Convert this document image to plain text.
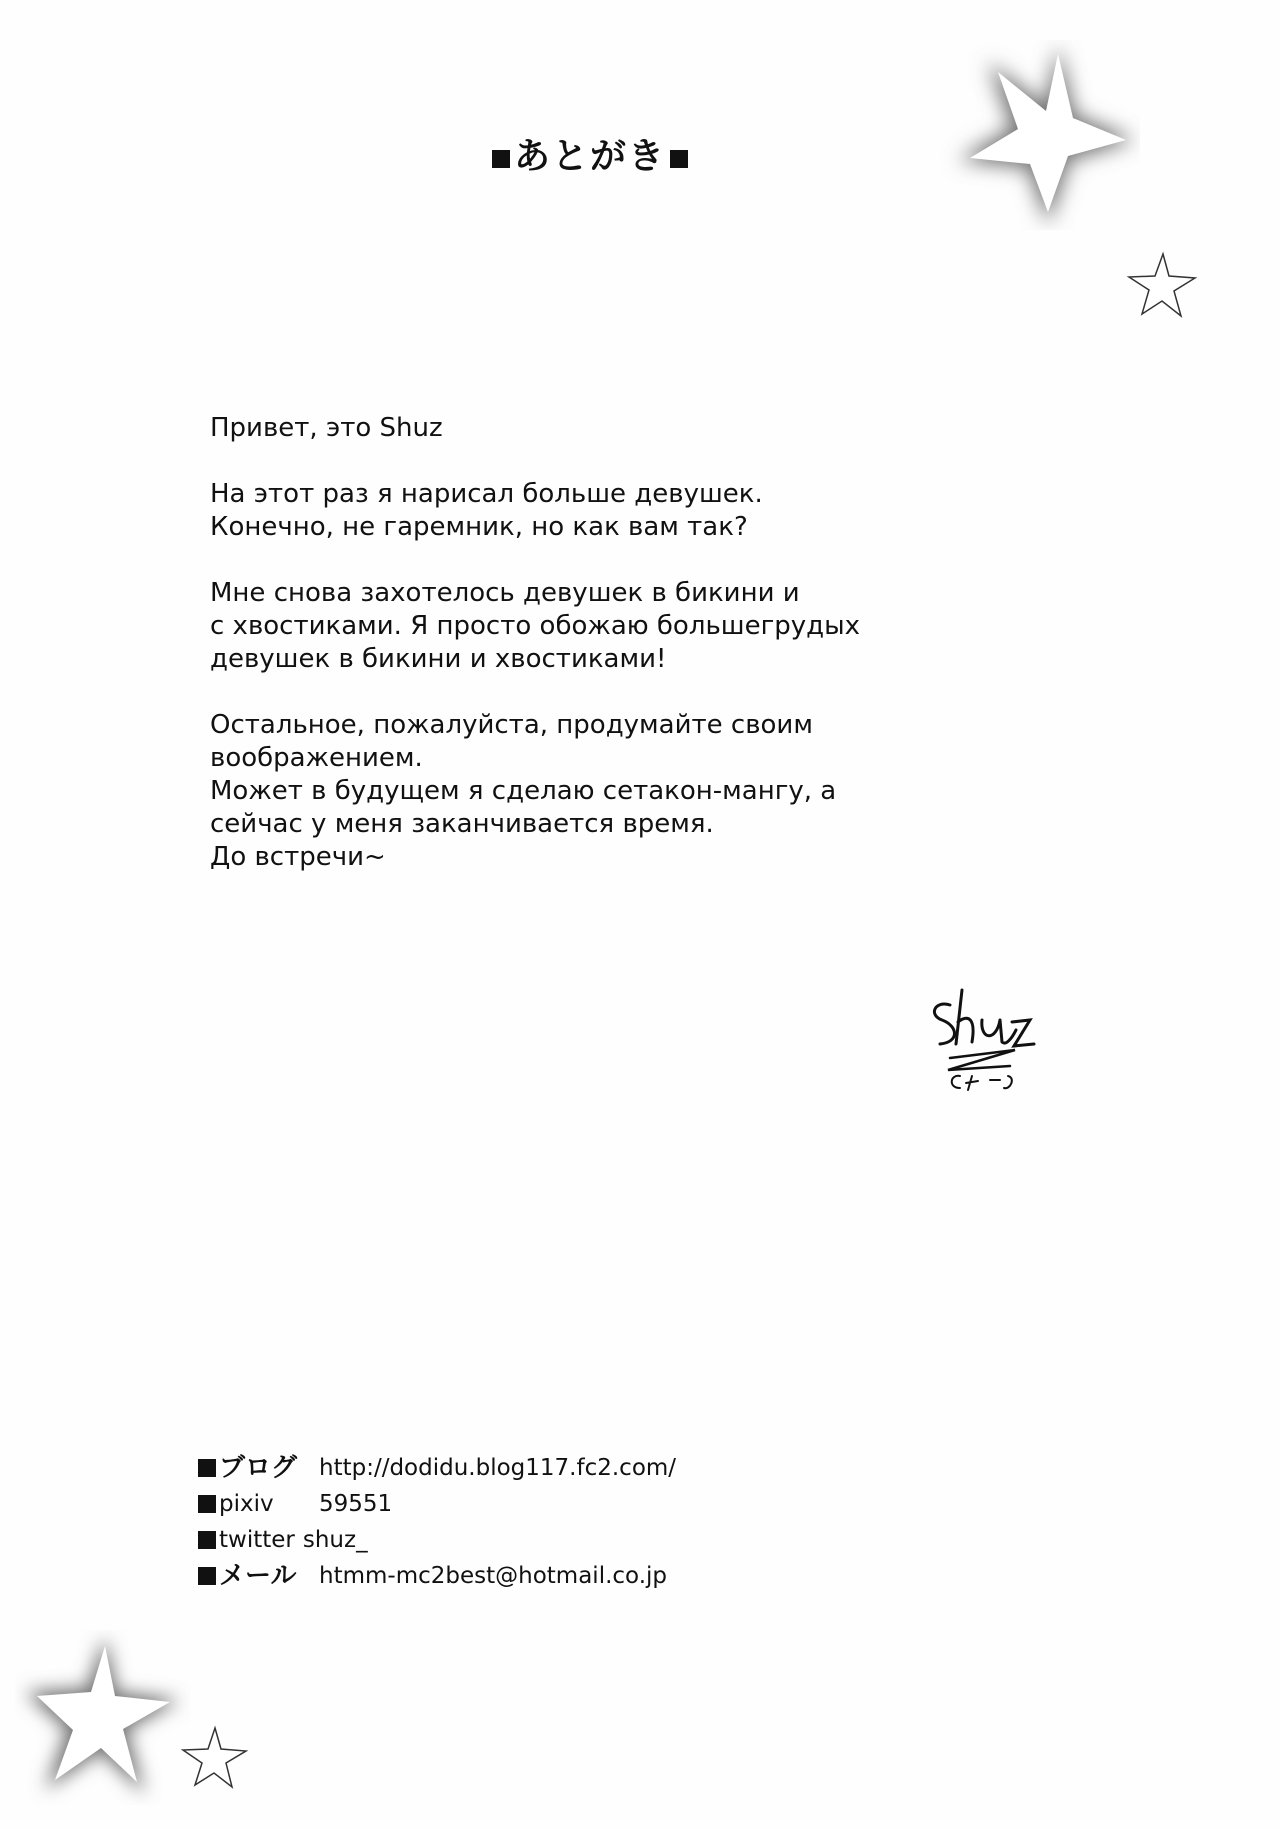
あとがき

Привет, это Shuz

На этот раз я нарисал больше девушек.
Конечно, не гаремник, но как вам так?

Мне снова захотелось девушек в бикини и
с хвостиками. Я просто обожаю большегрудых
девушек в бикини и хвостиками!

Остальное, пожалуйста, продумайте своим
воображением.
Может в будущем я сделаю сетакон-мангу, а
сейчас у меня заканчивается время.
До встречи~

ブログ http://dodidu.blog117.fc2.com/
pixiv	59551
twitter shuz_
メール htmm-mc2best@hotmail.co.jp
